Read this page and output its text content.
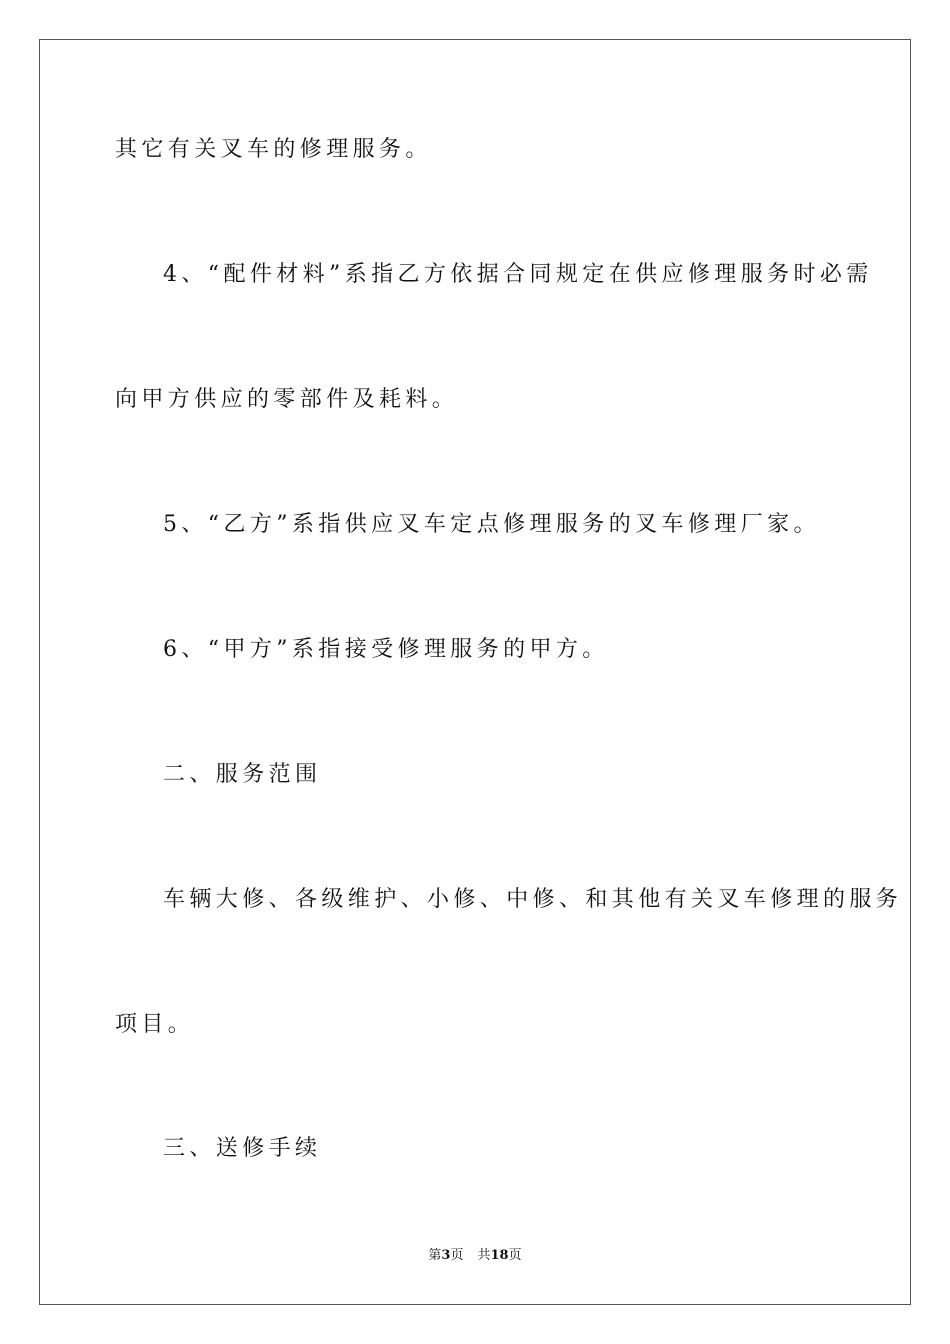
其它有关叉车的修理服务。
4、“配件材料”系指乙方依据合同规定在供应修理服务时必需
向甲方供应的零部件及耗料。
5、“乙方”系指供应叉车定点修理服务的叉车修理厂家。
6、“甲方”系指接受修理服务的甲方。
二、服务范围
车辆大修、各级维护、小修、中修、和其他有关叉车修理的服务
项目。
三、送修手续
第3页 共18页
